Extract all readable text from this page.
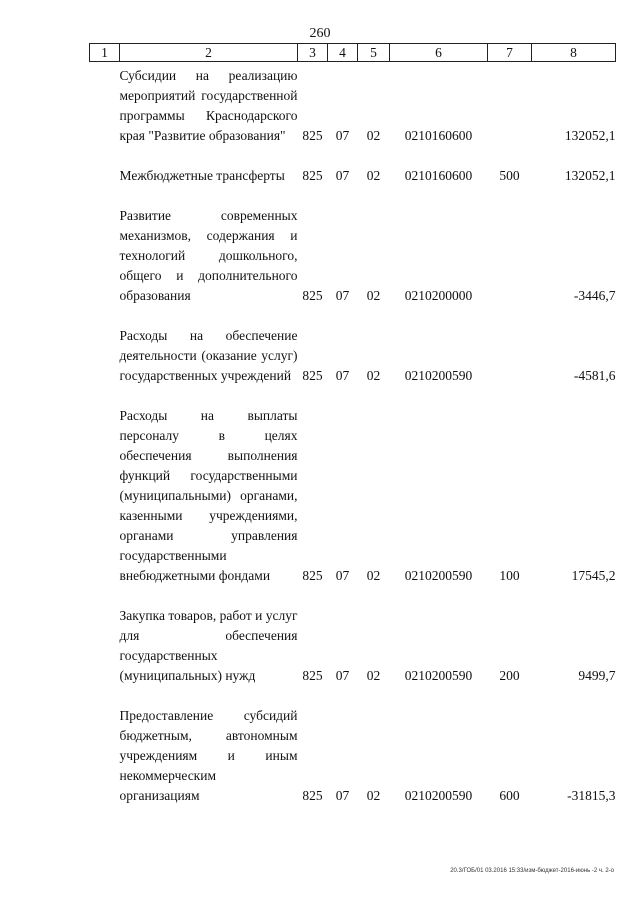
260
1	2	3	4	5	6	7	8

	Субсидии на реализацию мероприятий государственной программы Краснодарского края "Развитие образования"	825	07	02	0210160600		132052,1

	Межбюджетные трансферты	825	07	02	0210160600	500	132052,1

	Развитие современных механизмов, содержания и технологий дошкольного, общего и дополнительного образования	825	07	02	0210200000		-3446,7

	Расходы на обеспечение деятельности (оказание услуг) государственных учреждений	825	07	02	0210200590		-4581,6

	Расходы на выплаты персоналу в целях обеспечения выполнения функций государственными (муниципальными) органами, казенными учреждениями, органами управления государственными внебюджетными фондами	825	07	02	0210200590	100	17545,2

	Закупка товаров, работ и услуг для обеспечения государственных (муниципальных) нужд	825	07	02	0210200590	200	9499,7

	Предоставление субсидий бюджетным, автономным учреждениям и иным некоммерческим организациям	825	07	02	0210200590	600	-31815,3
20.3/ГОБ/01 03.2016 15:33/изм-бюджет-2016-июнь -2 ч. 2-о
